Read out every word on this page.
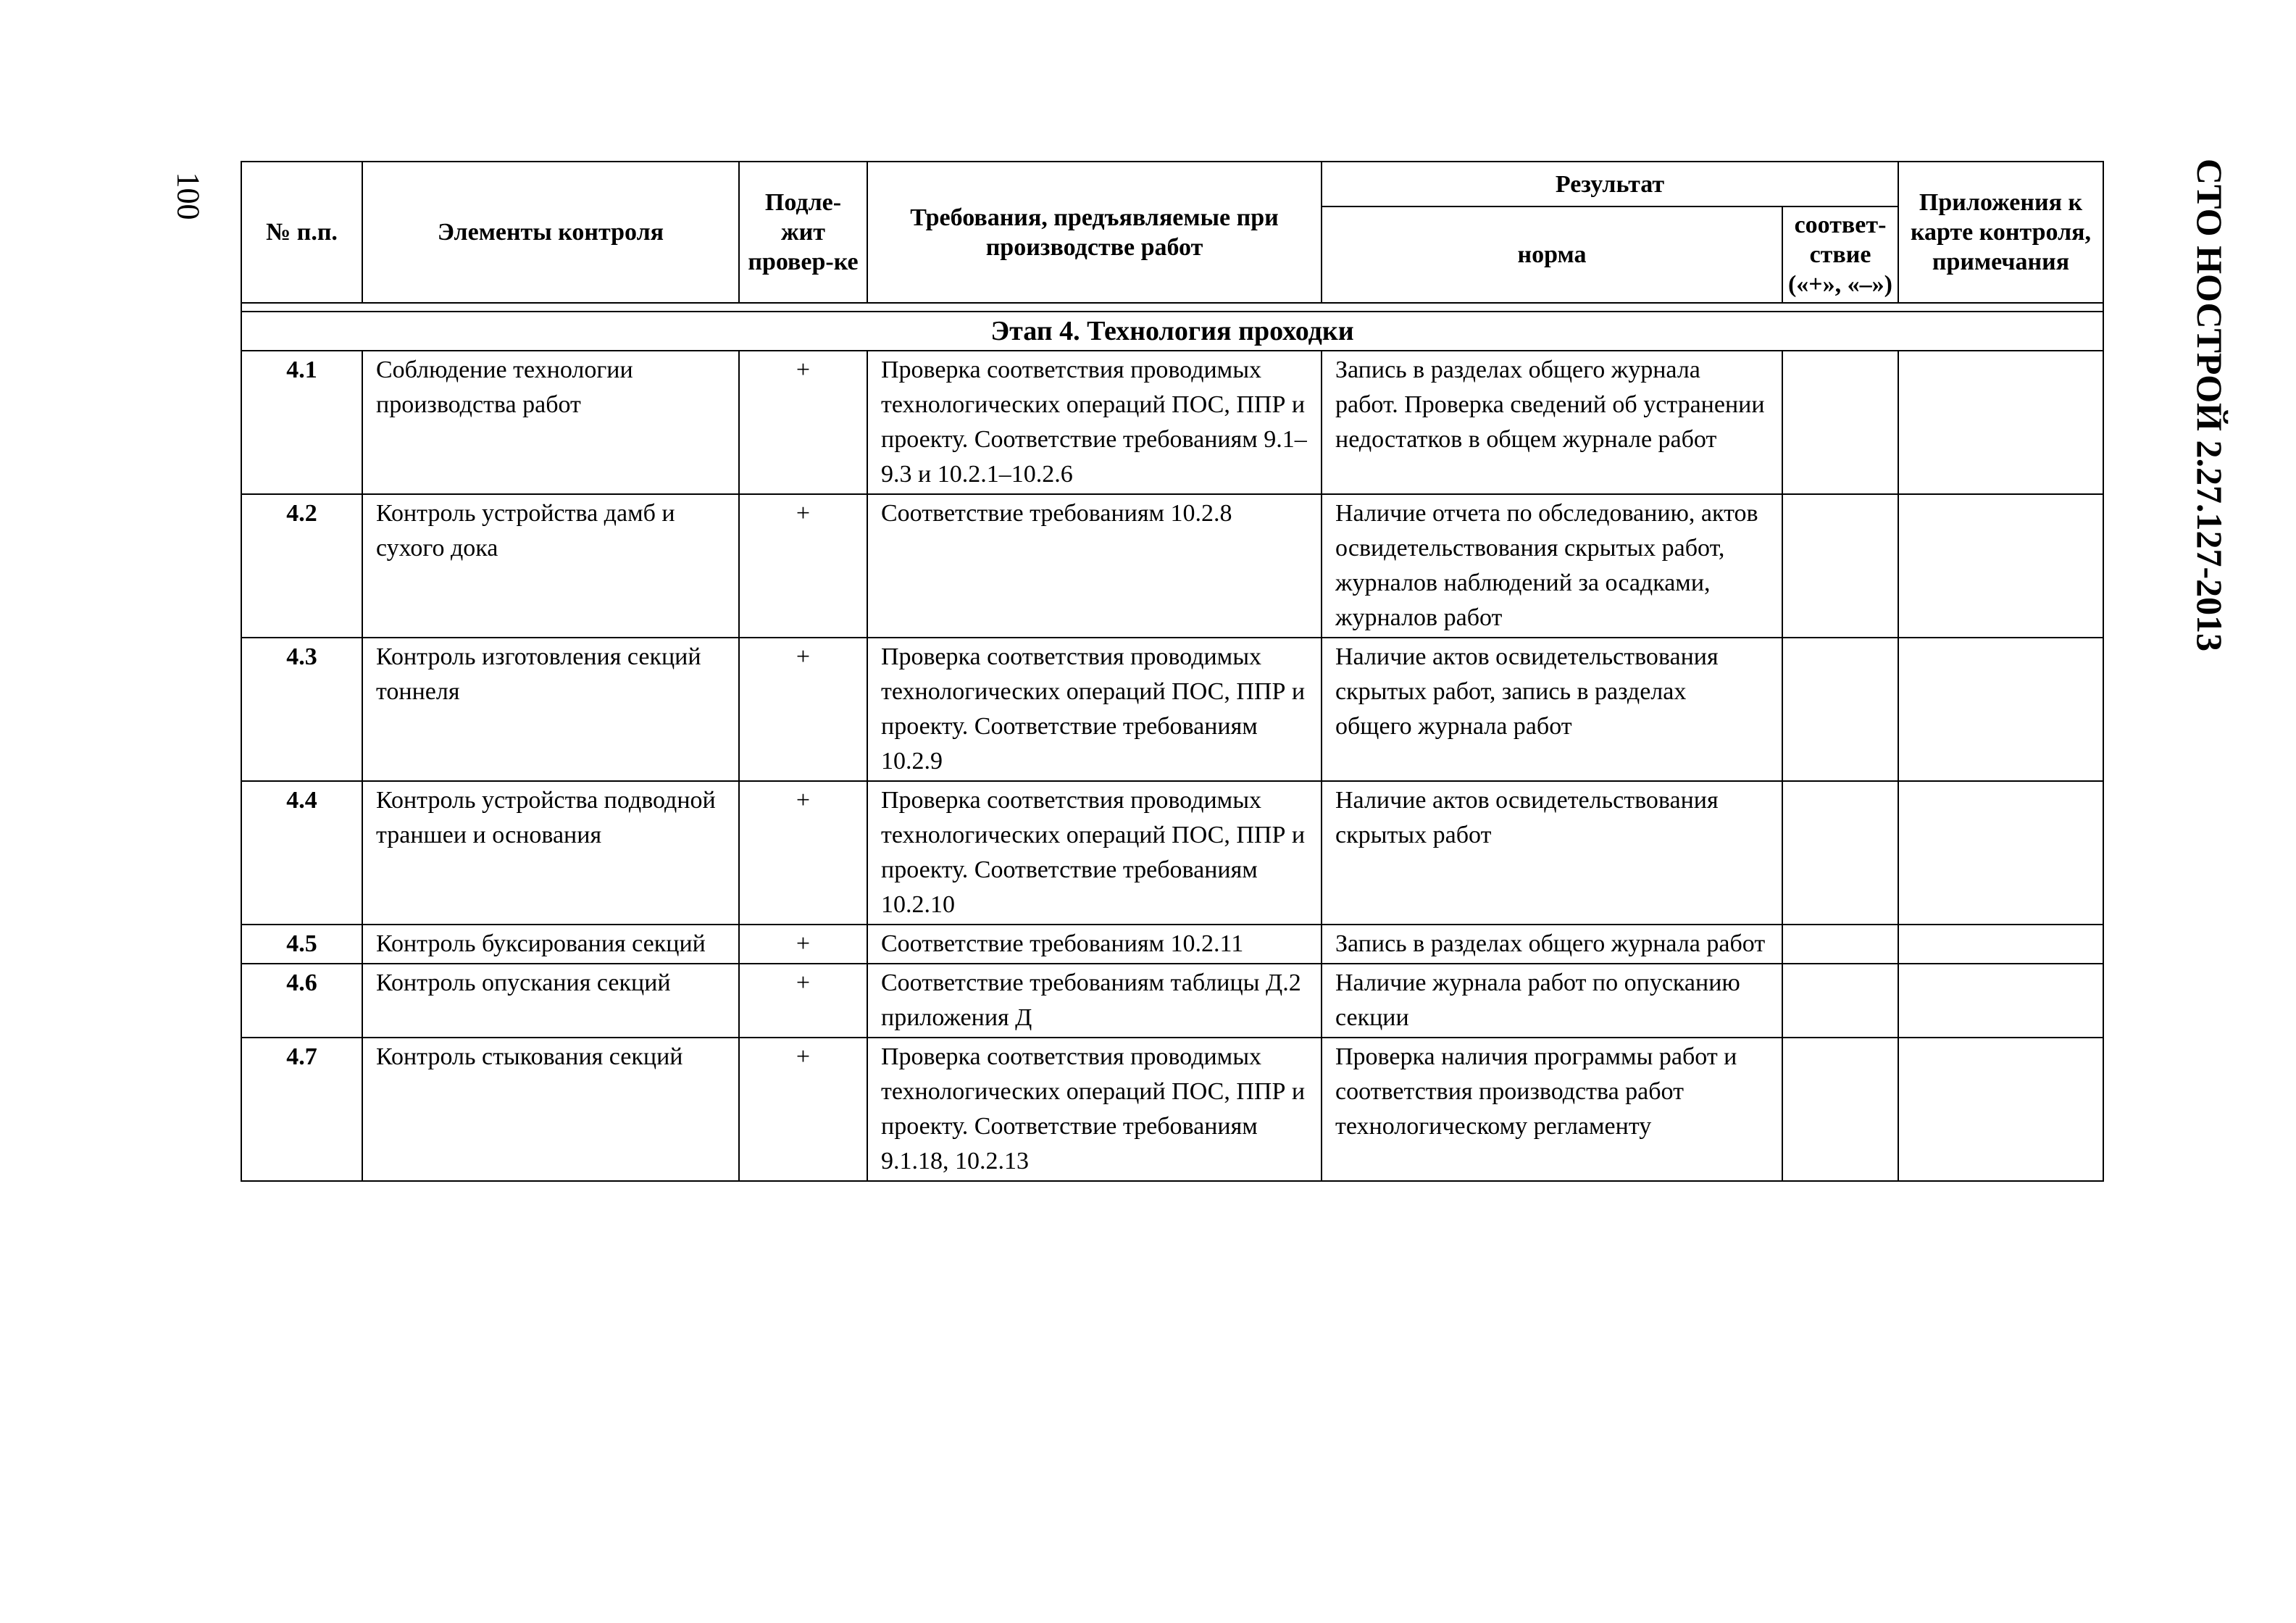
100	СТО НОСТРОЙ 2.27.127-2013
№ п.п.	Элементы контроля	Подле-жит провер-ке	Требования, предъявляемые при производстве работ	Результат		Приложения к карте контроля, примечания
				норма	соответ-ствие («+», «–»)	

Этап 4. Технология проходки						
4.1	Соблюдение технологии производства работ	+	Проверка соответствия проводимых технологических операций ПОС, ППР и проекту. Соответствие требованиям 9.1–9.3 и 10.2.1–10.2.6	Запись в разделах общего журнала работ. Проверка сведений об устранении недостатков в общем журнале работ		
4.2	Контроль устройства дамб и сухого дока	+	Соответствие требованиям 10.2.8	Наличие отчета по обследованию, актов освидетельствования скрытых работ, журналов наблюдений за осадками, журналов работ		
4.3	Контроль изготовления секций тоннеля	+	Проверка соответствия проводимых технологических операций ПОС, ППР и проекту. Соответствие требованиям 10.2.9	Наличие актов освидетельствования скрытых работ, запись в разделах общего журнала работ		
4.4	Контроль устройства подводной траншеи и основания	+	Проверка соответствия проводимых технологических операций ПОС, ППР и проекту. Соответствие требованиям 10.2.10	Наличие актов освидетельствования скрытых работ		
4.5	Контроль буксирования секций	+	Соответствие требованиям 10.2.11	Запись в разделах общего журнала работ		
4.6	Контроль опускания секций	+	Соответствие требованиям таблицы Д.2 приложения Д	Наличие журнала работ по опусканию секции		
4.7	Контроль стыкования секций	+	Проверка соответствия проводимых технологических операций ПОС, ППР и проекту. Соответствие требованиям 9.1.18, 10.2.13	Проверка наличия программы работ и соответствия производства работ технологическому регламенту		
